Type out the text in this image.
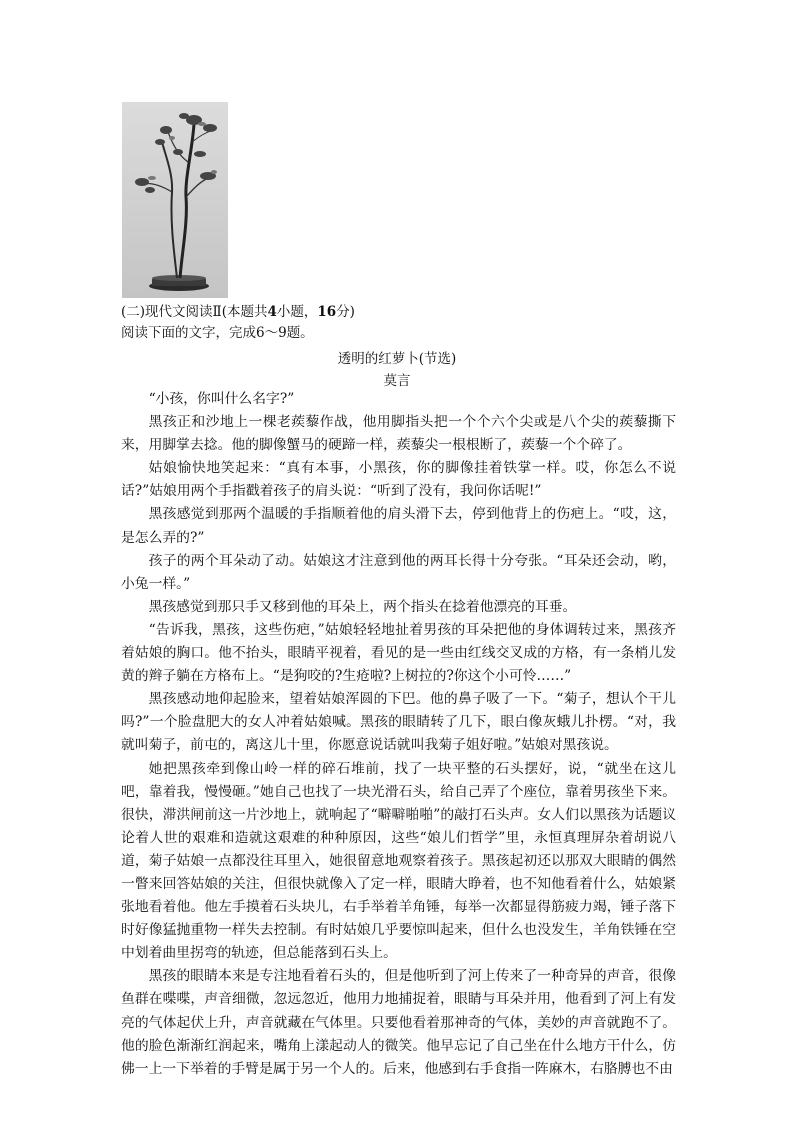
(二)现代文阅读Ⅱ(本题共4小题，16分)
阅读下面的文字，完成6～9题。
透明的红萝卜(节选)
莫言

“小孩，你叫什么名字?”

黑孩正和沙地上一棵老蒺藜作战，他用脚指头把一个个六个尖或是八个尖的蒺藜撕下来，用脚掌去捻。他的脚像蟹马的硬蹄一样，蒺藜尖一根根断了，蒺藜一个个碎了。

姑娘愉快地笑起来：“真有本事，小黑孩，你的脚像挂着铁掌一样。哎，你怎么不说话?”姑娘用两个手指戳着孩子的肩头说：“听到了没有，我问你话呢!”

黑孩感觉到那两个温暖的手指顺着他的肩头滑下去，停到他背上的伤疤上。“哎，这，是怎么弄的?”

孩子的两个耳朵动了动。姑娘这才注意到他的两耳长得十分夸张。“耳朵还会动，哟，小兔一样。”

黑孩感觉到那只手又移到他的耳朵上，两个指头在捻着他漂亮的耳垂。

“告诉我，黑孩，这些伤疤，”姑娘轻轻地扯着男孩的耳朵把他的身体调转过来，黑孩齐着姑娘的胸口。他不抬头，眼睛平视着，看见的是一些由红线交叉成的方格，有一条梢儿发黄的辫子躺在方格布上。“是狗咬的?生疮啦?上树拉的?你这个小可怜……”

黑孩感动地仰起脸来，望着姑娘浑圆的下巴。他的鼻子吸了一下。“菊子，想认个干儿吗?”一个脸盘肥大的女人冲着姑娘喊。黑孩的眼睛转了几下，眼白像灰蛾儿扑楞。“对，我就叫菊子，前屯的，离这儿十里，你愿意说话就叫我菊子姐好啦。”姑娘对黑孩说。

她把黑孩牵到像山岭一样的碎石堆前，找了一块平整的石头摆好，说，“就坐在这儿吧，靠着我，慢慢砸。”她自己也找了一块光滑石头，给自己弄了个座位，靠着男孩坐下来。很快，滞洪闸前这一片沙地上，就响起了“噼噼啪啪”的敲打石头声。女人们以黑孩为话题议论着人世的艰难和造就这艰难的种种原因，这些“娘儿们哲学”里，永恒真理屏杂着胡说八道，菊子姑娘一点都没往耳里入，她很留意地观察着孩子。黑孩起初还以那双大眼睛的偶然一瞥来回答姑娘的关注，但很快就像入了定一样，眼睛大睁着，也不知他看着什么，姑娘紧张地看着他。他左手摸着石头块儿，右手举着羊角锤，每举一次都显得筋疲力竭，锤子落下时好像猛抛重物一样失去控制。有时姑娘几乎要惊叫起来，但什么也没发生，羊角铁锤在空中划着曲里拐弯的轨迹，但总能落到石头上。

黑孩的眼睛本来是专注地看着石头的，但是他听到了河上传来了一种奇异的声音，很像鱼群在喋喋，声音细微，忽远忽近，他用力地捕捉着，眼睛与耳朵并用，他看到了河上有发亮的气体起伏上升，声音就藏在气体里。只要他看着那神奇的气体，美妙的声音就跑不了。他的脸色渐渐红润起来，嘴角上漾起动人的微笑。他早忘记了自己坐在什么地方干什么，仿佛一上一下举着的手臂是属于另一个人的。后来，他感到右手食指一阵麻木，右胳膊也不由
